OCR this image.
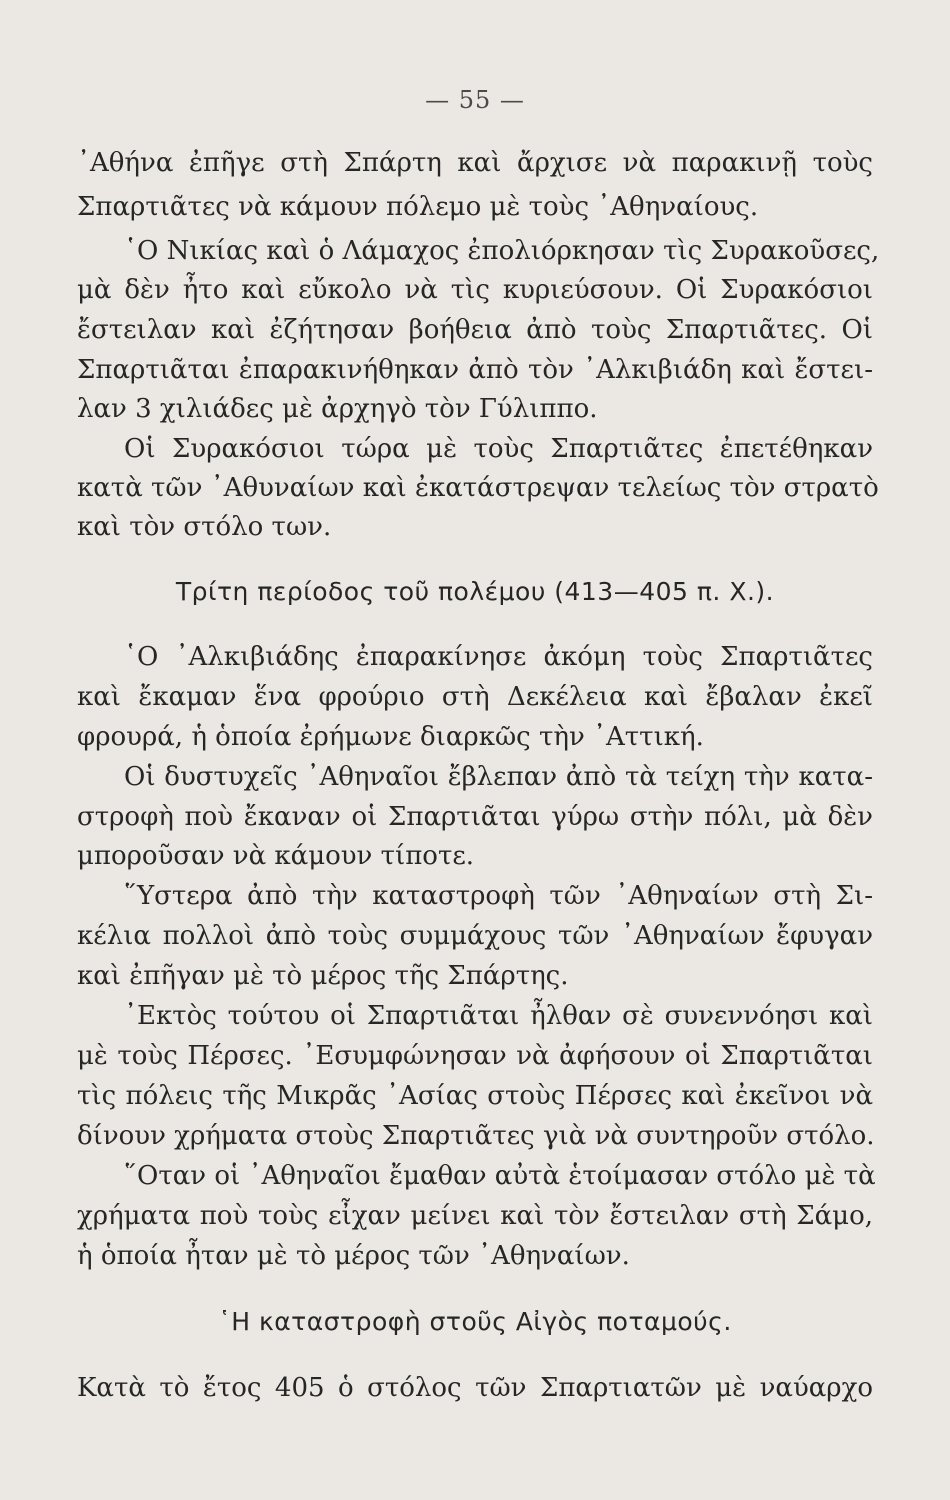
— 55 —
᾿Αθήνα ἐπῆγε στὴ Σπάρτη καὶ ἄρχισε νὰ παρακινῇ τοὺς
Σπαρτιᾶτες νὰ κάμουν πόλεμο μὲ τοὺς ᾿Αθηναίους.
῾Ο Νικίας καὶ ὁ Λάμαχος ἐπολιόρκησαν τὶς Συρακοῦσες,
μὰ δὲν ἦτο καὶ εὔκολο νὰ τὶς κυριεύσουν. Οἱ Συρακόσιοι
ἔστειλαν καὶ ἐζήτησαν βοήθεια ἀπὸ τοὺς Σπαρτιᾶτες. Οἱ
Σπαρτιᾶται ἐπαρακινήθηκαν ἀπὸ τὸν ᾿Αλκιβιάδη καὶ ἔστει-
λαν 3 χιλιάδες μὲ ἀρχηγὸ τὸν Γύλιππο.
Οἱ Συρακόσιοι τώρα μὲ τοὺς Σπαρτιᾶτες ἐπετέθηκαν
κατὰ τῶν ᾿Αθυναίων καὶ ἐκατάστρεψαν τελείως τὸν στρατὸ
καὶ τὸν στόλο των.
Τρίτη περίοδος τοῦ πολέμου (413—405 π. Χ.).
῾Ο ᾿Αλκιβιάδης ἐπαρακίνησε ἀκόμη τοὺς Σπαρτιᾶτες
καὶ ἔκαμαν ἕνα φρούριο στὴ Δεκέλεια καὶ ἔβαλαν ἐκεῖ
φρουρά, ἡ ὁποία ἐρήμωνε διαρκῶς τὴν ᾿Αττική.
Οἱ δυστυχεῖς ᾿Αθηναῖοι ἔβλεπαν ἀπὸ τὰ τείχη τὴν κατα-
στροφὴ ποὺ ἔκαναν οἱ Σπαρτιᾶται γύρω στὴν πόλι, μὰ δὲν
μποροῦσαν νὰ κάμουν τίποτε.
῞Υστερα ἀπὸ τὴν καταστροφὴ τῶν ᾿Αθηναίων στὴ Σι-
κέλια πολλοὶ ἀπὸ τοὺς συμμάχους τῶν ᾿Αθηναίων ἔφυγαν
καὶ ἐπῆγαν μὲ τὸ μέρος τῆς Σπάρτης.
᾿Εκτὸς τούτου οἱ Σπαρτιᾶται ἦλθαν σὲ συνεννόησι καὶ
μὲ τοὺς Πέρσες. ᾿Εσυμφώνησαν νὰ ἀφήσουν οἱ Σπαρτιᾶται
τὶς πόλεις τῆς Μικρᾶς ᾿Ασίας στοὺς Πέρσες καὶ ἐκεῖνοι νὰ
δίνουν χρήματα στοὺς Σπαρτιᾶτες γιὰ νὰ συντηροῦν στόλο.
῞Οταν οἱ ᾿Αθηναῖοι ἔμαθαν αὐτὰ ἑτοίμασαν στόλο μὲ τὰ
χρήματα ποὺ τοὺς εἶχαν μείνει καὶ τὸν ἔστειλαν στὴ Σάμο,
ἡ ὁποία ἦταν μὲ τὸ μέρος τῶν ᾿Αθηναίων.
῾Η καταστροφὴ στοῦς Αἰγὸς ποταμούς.
Κατὰ τὸ ἔτος 405 ὁ στόλος τῶν Σπαρτιατῶν μὲ ναύαρχο
